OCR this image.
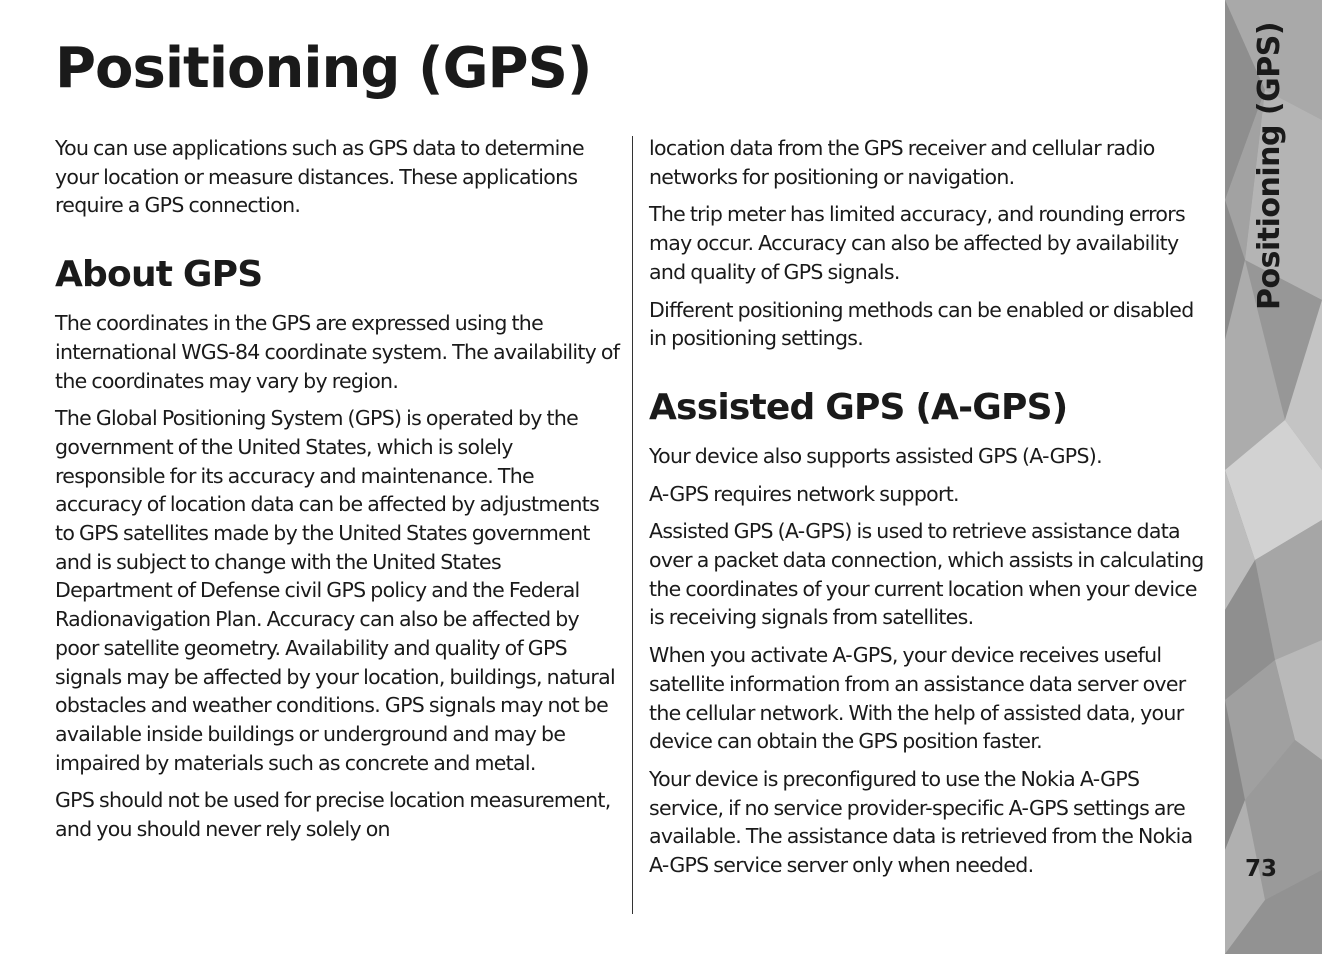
Positioning (GPS)

You can use applications such as GPS data to determine your location or measure distances. These applications require a GPS connection.

About GPS

The coordinates in the GPS are expressed using the international WGS-84 coordinate system. The availability of the coordinates may vary by region.

The Global Positioning System (GPS) is operated by the government of the United States, which is solely responsible for its accuracy and maintenance. The accuracy of location data can be affected by adjustments to GPS satellites made by the United States government and is subject to change with the United States Department of Defense civil GPS policy and the Federal Radionavigation Plan. Accuracy can also be affected by poor satellite geometry. Availability and quality of GPS signals may be affected by your location, buildings, natural obstacles and weather conditions. GPS signals may not be available inside buildings or underground and may be impaired by materials such as concrete and metal.

GPS should not be used for precise location measurement, and you should never rely solely on

location data from the GPS receiver and cellular radio networks for positioning or navigation.

The trip meter has limited accuracy, and rounding errors may occur. Accuracy can also be affected by availability and quality of GPS signals.

Different positioning methods can be enabled or disabled in positioning settings.

Assisted GPS (A-GPS)

Your device also supports assisted GPS (A-GPS).

A-GPS requires network support.

Assisted GPS (A-GPS) is used to retrieve assistance data over a packet data connection, which assists in calculating the coordinates of your current location when your device is receiving signals from satellites.

When you activate A-GPS, your device receives useful satellite information from an assistance data server over the cellular network. With the help of assisted data, your device can obtain the GPS position faster.

Your device is preconfigured to use the Nokia A-GPS service, if no service provider-specific A-GPS settings are available. The assistance data is retrieved from the Nokia A-GPS service server only when needed.

Positioning (GPS)
73
